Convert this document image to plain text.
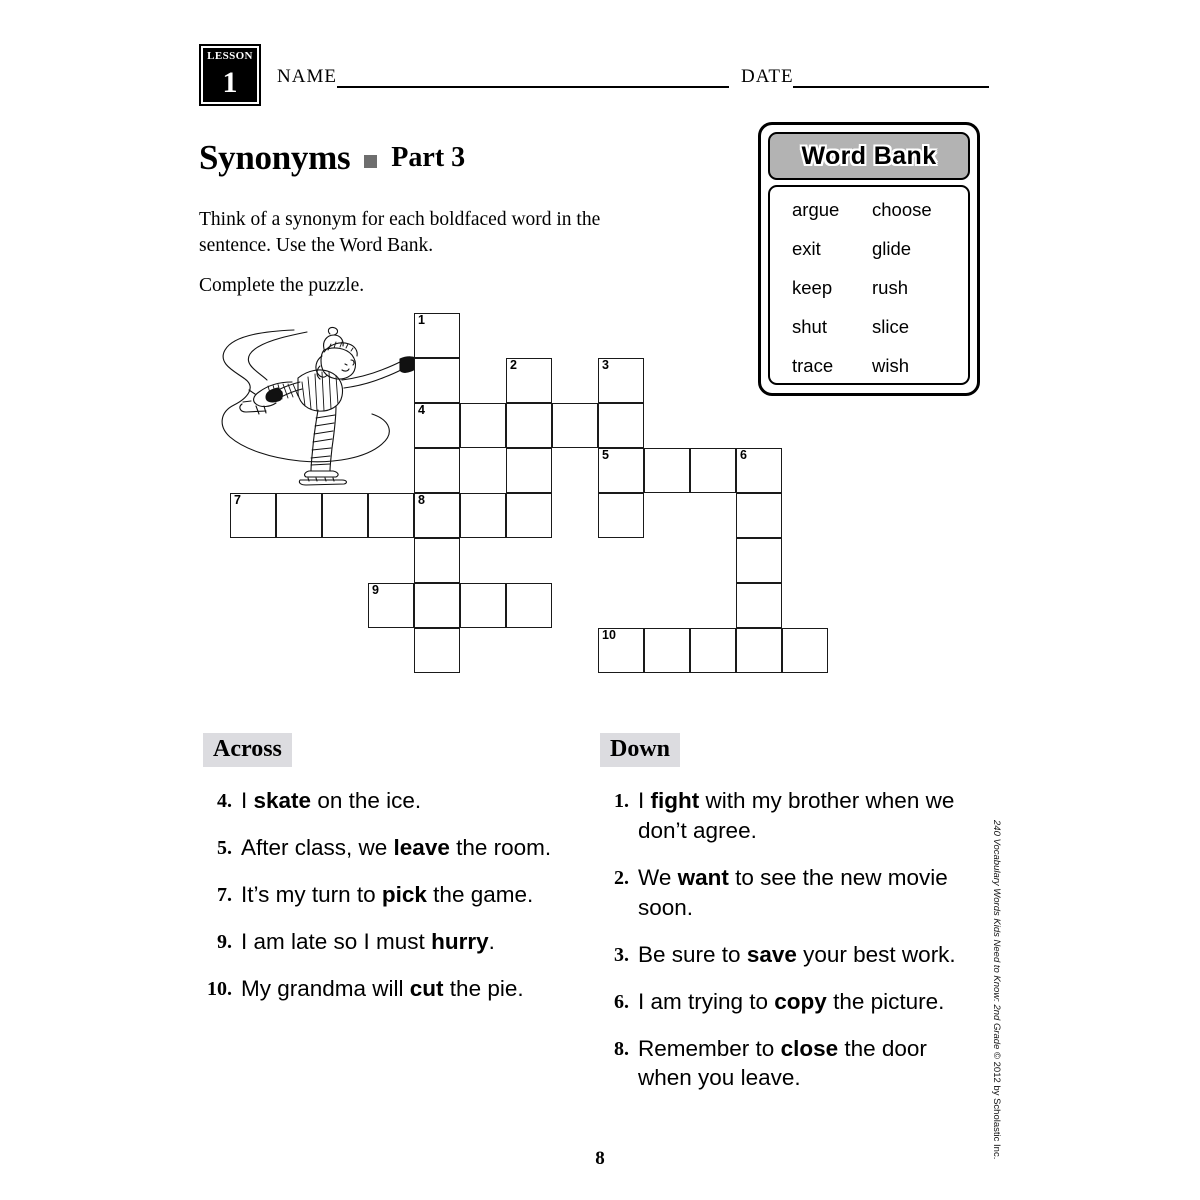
LESSON
1	NAME	DATE
Synonyms Part 3
Think of a synonym for each boldfaced word in the sentence. Use the Word Bank.
Complete the puzzle.
Word Bank
argue	choose
exit	glide
keep	rush
shut	slice
trace	wish
1
2	3
4
5	6
7	8
9
10
Across
4. I skate on the ice.
5. After class, we leave the room.
7. It’s my turn to pick the game.
9. I am late so I must hurry.
10. My grandma will cut the pie.
Down
1. I fight with my brother when we don’t agree.
2. We want to see the new movie soon.
3. Be sure to save your best work.
6. I am trying to copy the picture.
8. Remember to close the door when you leave.
240 Vocabulary Words Kids Need to Know: 2nd Grade © 2012 by Scholastic Inc.
8
